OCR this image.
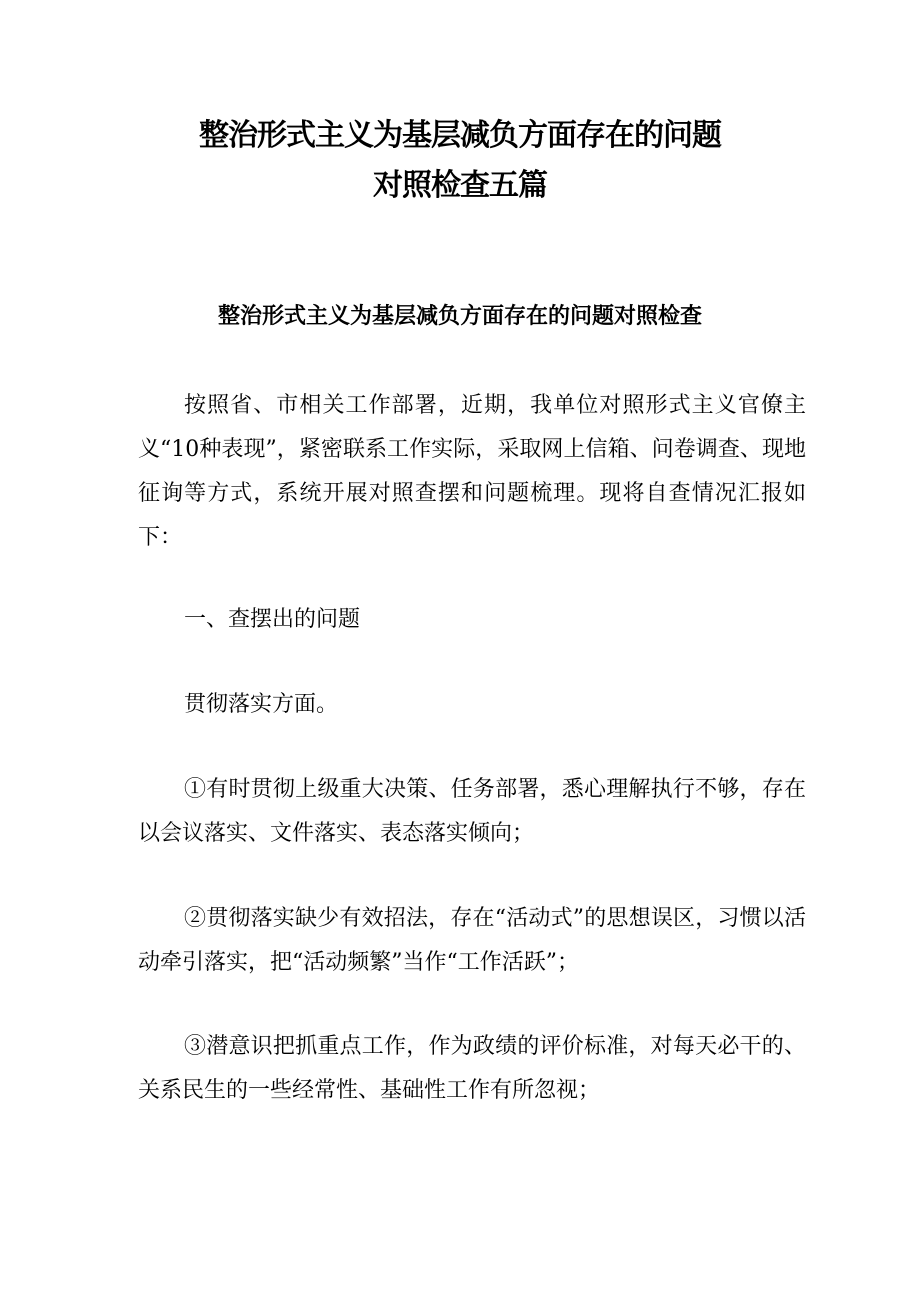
整治形式主义为基层减负方面存在的问题
对照检查五篇
整治形式主义为基层减负方面存在的问题对照检查

按照省、市相关工作部署，近期，我单位对照形式主义官僚主义“10种表现”，紧密联系工作实际，采取网上信箱、问卷调查、现地征询等方式，系统开展对照查摆和问题梳理。现将自查情况汇报如下：

一、查摆出的问题

贯彻落实方面。

①有时贯彻上级重大决策、任务部署，悉心理解执行不够，存在以会议落实、文件落实、表态落实倾向；

②贯彻落实缺少有效招法，存在“活动式”的思想误区，习惯以活动牵引落实，把“活动频繁”当作“工作活跃”；

③潜意识把抓重点工作，作为政绩的评价标准，对每天必干的、关系民生的一些经常性、基础性工作有所忽视；
